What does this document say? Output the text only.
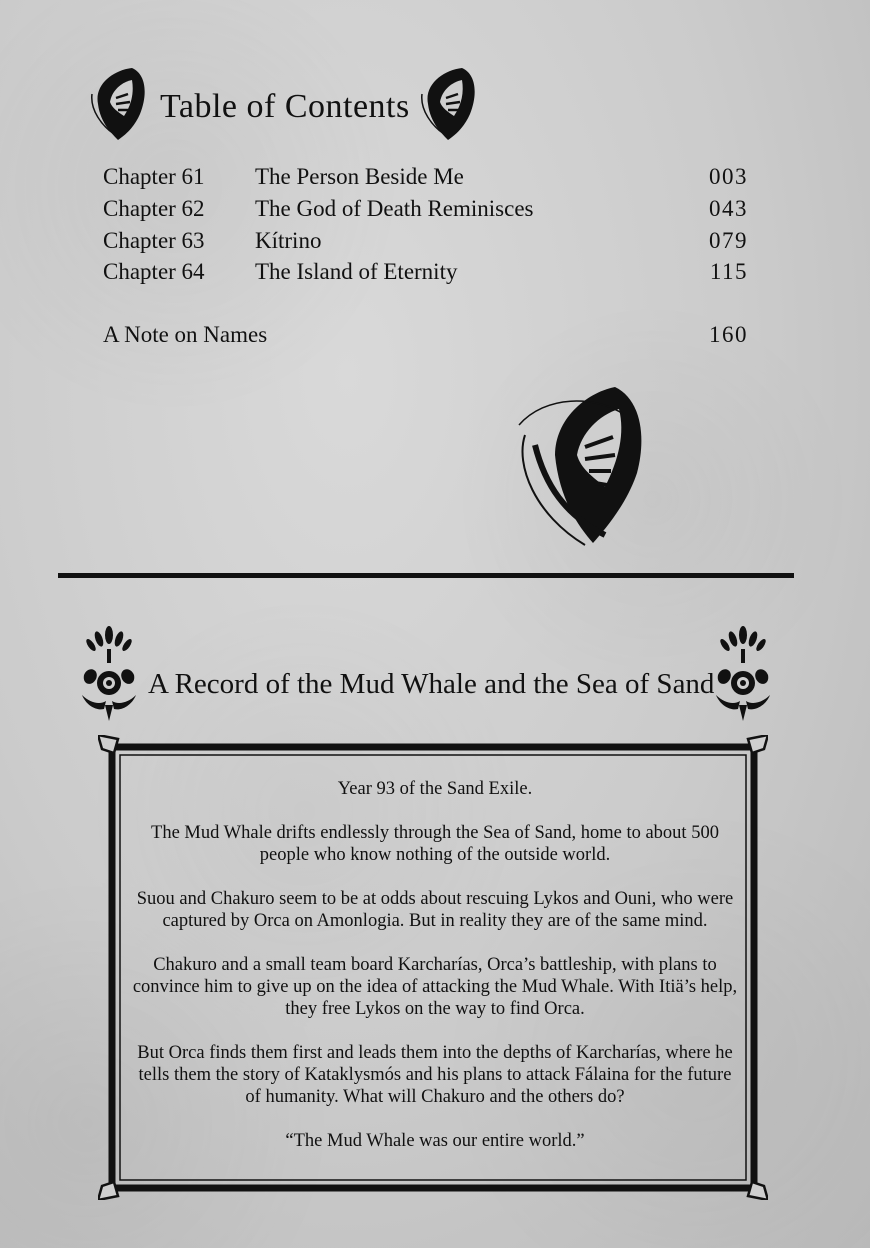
Table of Contents
Chapter 61 The Person Beside Me	003
Chapter 62 The God of Death Reminisces	043
Chapter 63 Kítrino	079
Chapter 64 The Island of Eternity	115
A Note on Names	160
A Record of the Mud Whale and the Sea of Sand

Year 93 of the Sand Exile.

The Mud Whale drifts endlessly through the Sea of Sand, home to about 500 people who know nothing of the outside world.

Suou and Chakuro seem to be at odds about rescuing Lykos and Ouni, who were captured by Orca on Amonlogia. But in reality they are of the same mind.

Chakuro and a small team board Karcharías, Orca’s battleship, with plans to convince him to give up on the idea of attacking the Mud Whale. With Itiä’s help, they free Lykos on the way to find Orca.

But Orca finds them first and leads them into the depths of Karcharías, where he tells them the story of Kataklysmós and his plans to attack Fálaina for the future of humanity. What will Chakuro and the others do?

“The Mud Whale was our entire world.”
